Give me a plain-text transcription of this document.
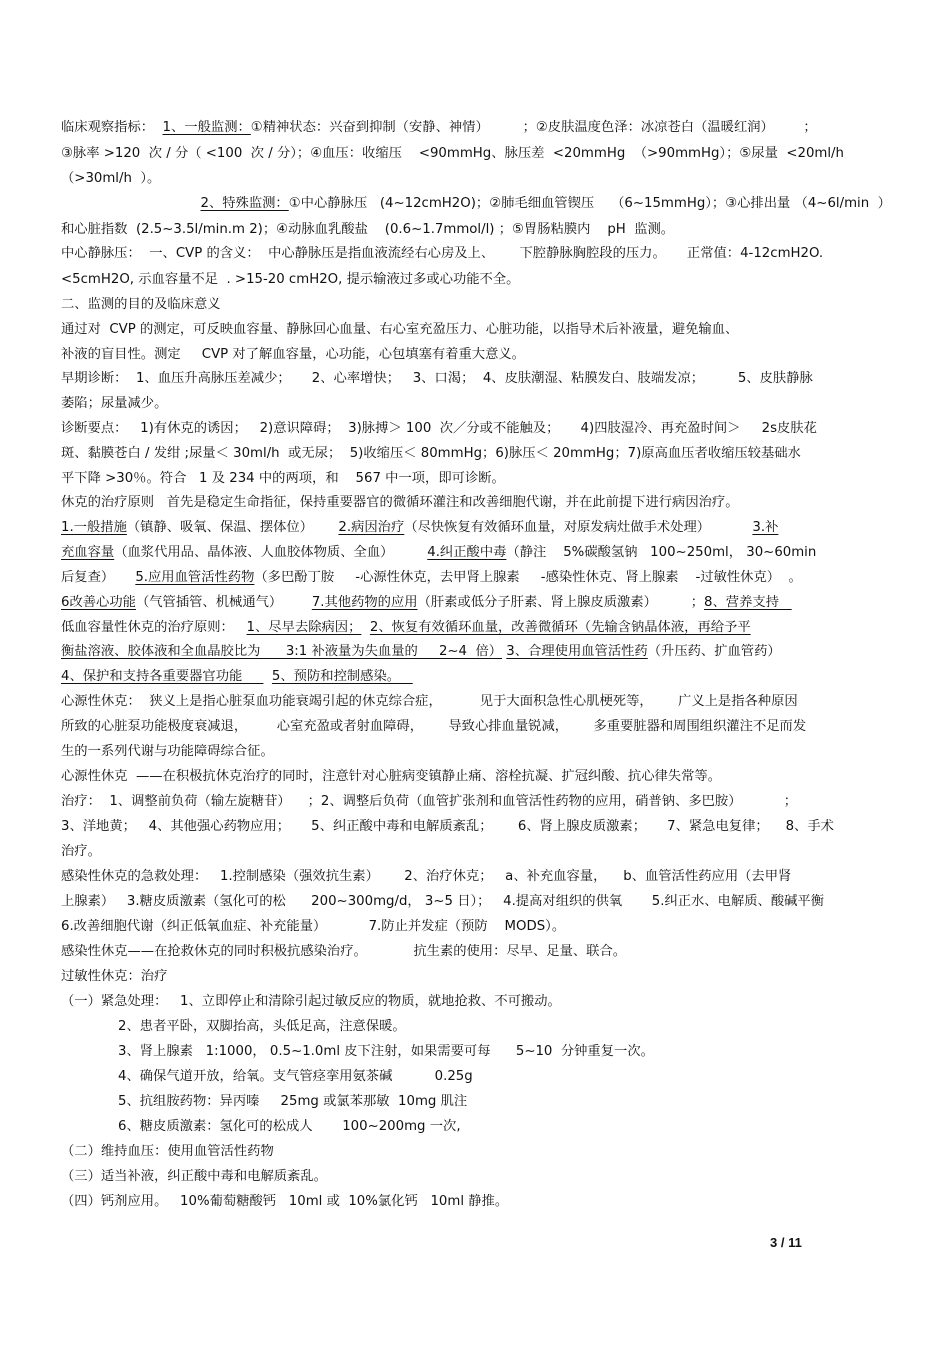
3 / 11
临床观察指标：  1、一般监测：①精神状态：兴奋到抑制（安静、神情）        ；②皮肤温度色泽：冰凉苍白（温暖红润）       ；
③脉率 >120  次 / 分（ <100  次 / 分）；④血压：收缩压    <90mmHg、脉压差  <20mmHg  （>90mmHg）；⑤尿量  <20ml/h
（>30ml/h  ）。
2、特殊监测：①中心静脉压   (4~12cmH2O)；②肺毛细血管锲压    （6~15mmHg）；③心排出量 （4~6l/min  ）
和心脏指数  (2.5~3.5l/min.m 2)；④动脉血乳酸盐    (0.6~1.7mmol/l) ；⑤胃肠粘膜内    pH  监测。
中心静脉压：  一、CVP 的含义：  中心静脉压是指血液流经右心房及上、      下腔静脉胸腔段的压力。     正常值：4-12cmH2O.
<5cmH2O, 示血容量不足  . >15-20 cmH2O, 提示输液过多或心功能不全。
二、监测的目的及临床意义
通过对  CVP 的测定，可反映血容量、静脉回心血量、右心室充盈压力、心脏功能，以指导术后补液量，避免输血、
补液的盲目性。测定     CVP 对了解血容量，心功能，心包填塞有着重大意义。
早期诊断：  1、血压升高脉压差减少；     2、心率增快；   3、口渴；  4、皮肤潮湿、粘膜发白、肢端发凉；        5、皮肤静脉
萎陷；尿量减少。
诊断要点：   1)有休克的诱因；   2)意识障碍；  3)脉搏＞ 100  次／分或不能触及；     4)四肢湿冷、再充盈时间＞     2s皮肤花
斑、黏膜苍白 / 发绀 ;尿量＜ 30ml/h  或无尿；  5)收缩压＜ 80mmHg；6)脉压＜ 20mmHg；7)原高血压者收缩压较基础水
平下降 >30％。符合   1 及 234 中的两项，和    567 中一项，即可诊断。
休克的治疗原则   首先是稳定生命指征，保持重要器官的微循环灌注和改善细胞代谢，并在此前提下进行病因治疗。
1.一般措施（镇静、吸氧、保温、摆体位）      2.病因治疗（尽快恢复有效循环血量，对原发病灶做手术处理）          3.补
充血容量（血浆代用品、晶体液、人血胶体物质、全血）        4.纠正酸中毒（静注    5%碳酸氢钠   100~250ml， 30~60min
后复查）     5.应用血管活性药物（多巴酚丁胺     -心源性休克，去甲肾上腺素     -感染性休克、肾上腺素    -过敏性休克）  。
6改善心功能（气管插管、机械通气）       7.其他药物的应用（肝素或低分子肝素、肾上腺皮质激素）        ；8、营养支持
低血容量性休克的治疗原则：   1、尽早去除病因； 2、恢复有效循环血量，改善微循环（先输含钠晶体液，再给予平
衡盐溶液、胶体液和全血晶胶比为      3:1 补液量为失血量的     2~4  倍） 3、合理使用血管活性药（升压药、扩血管药）
4、保护和支持各重要器官功能       5、预防和控制感染。
心源性休克：  狭义上是指心脏泵血功能衰竭引起的休克综合症，         见于大面积急性心肌梗死等，      广义上是指各种原因
所致的心脏泵功能极度衰减退，       心室充盈或者射血障碍，      导致心排血量锐减，      多重要脏器和周围组织灌注不足而发
生的一系列代谢与功能障碍综合征。
心源性休克  ——在积极抗休克治疗的同时，注意针对心脏病变镇静止痛、溶栓抗凝、扩冠纠酸、抗心律失常等。
治疗：  1、调整前负荷（输左旋糖苷）    ；2、调整后负荷（血管扩张剂和血管活性药物的应用，硝普钠、多巴胺）          ；
3、洋地黄；   4、其他强心药物应用；     5、纠正酸中毒和电解质紊乱；      6、肾上腺皮质激素；     7、紧急电复律；    8、手术
治疗。
感染性休克的急救处理：   1.控制感染（强效抗生素）      2、治疗休克；   a、补充血容量，    b、血管活性药应用（去甲肾
上腺素）   3.糖皮质激素（氢化可的松      200~300mg/d， 3~5 日）；   4.提高对组织的供氧       5.纠正水、电解质、酸碱平衡
6.改善细胞代谢（纠正低氧血症、补充能量）          7.防止并发症（预防    MODS）。
感染性休克——在抢救休克的同时积极抗感染治疗。           抗生素的使用：尽早、足量、联合。
过敏性休克：治疗
（一）紧急处理：   1、立即停止和清除引起过敏反应的物质，就地抢救、不可搬动。
2、患者平卧，双脚抬高，头低足高，注意保暖。
3、肾上腺素   1:1000， 0.5~1.0ml 皮下注射，如果需要可每      5~10  分钟重复一次。
4、确保气道开放，给氧。支气管痉挛用氨茶碱          0.25g
5、抗组胺药物：异丙嗪     25mg 或氯苯那敏  10mg 肌注
6、糖皮质激素：氢化可的松成人       100~200mg 一次,
（二）维持血压：使用血管活性药物
（三）适当补液，纠正酸中毒和电解质紊乱。
（四）钙剂应用。   10%葡萄糖酸钙   10ml 或  10%氯化钙   10ml 静推。
